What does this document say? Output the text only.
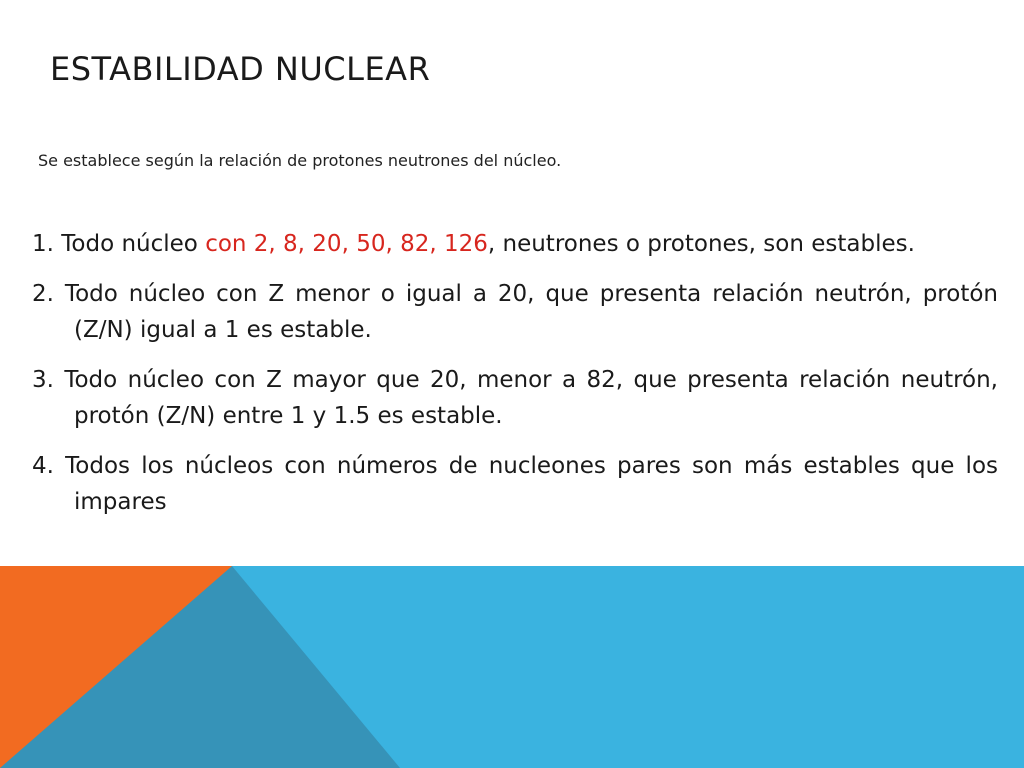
ESTABILIDAD NUCLEAR

Se establece según la relación de protones neutrones del núcleo.

1. Todo núcleo con 2, 8, 20, 50, 82, 126, neutrones o protones, son estables.
2. Todo núcleo con Z menor o igual a 20, que presenta relación neutrón, protón (Z/N) igual a 1 es estable.
3. Todo núcleo con Z mayor que 20, menor a 82, que presenta relación neutrón, protón (Z/N) entre 1 y 1.5 es estable.
4. Todos los núcleos con números de nucleones pares son más estables que los impares
